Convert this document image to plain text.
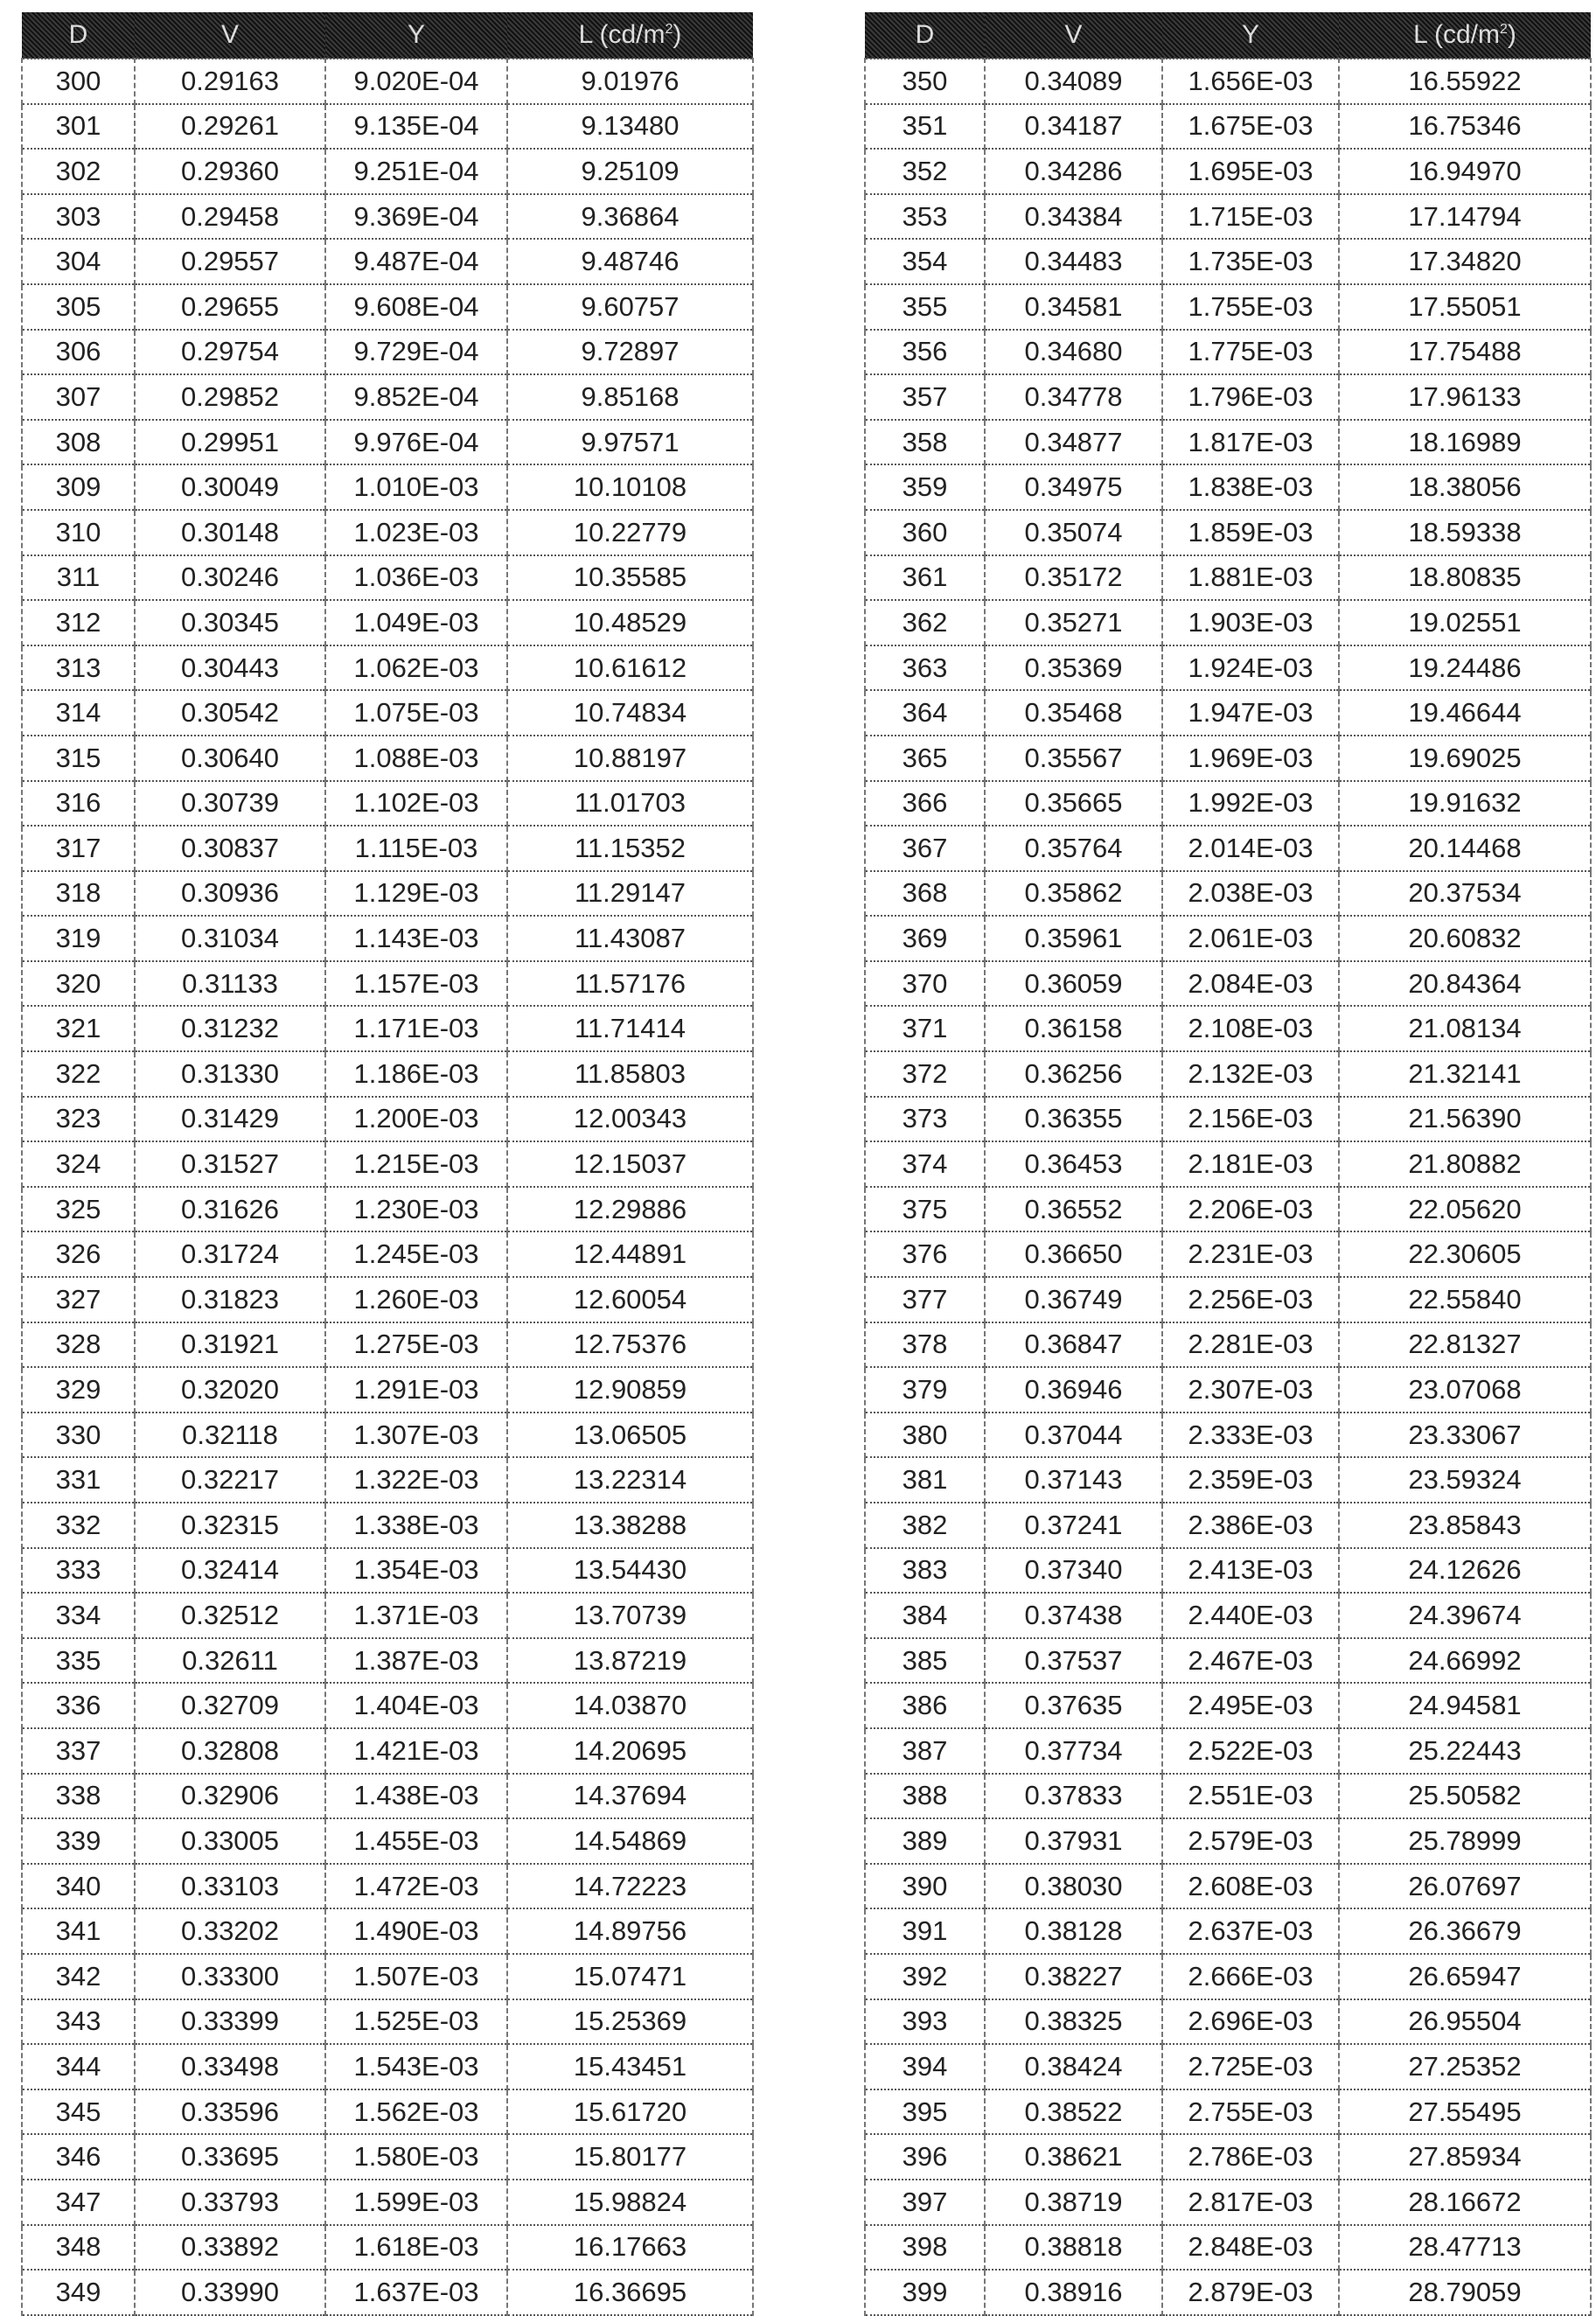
D	V	Y	L (cd/m2)
300	0.29163	9.020E-04	9.01976
301	0.29261	9.135E-04	9.13480
302	0.29360	9.251E-04	9.25109
303	0.29458	9.369E-04	9.36864
304	0.29557	9.487E-04	9.48746
305	0.29655	9.608E-04	9.60757
306	0.29754	9.729E-04	9.72897
307	0.29852	9.852E-04	9.85168
308	0.29951	9.976E-04	9.97571
309	0.30049	1.010E-03	10.10108
310	0.30148	1.023E-03	10.22779
311	0.30246	1.036E-03	10.35585
312	0.30345	1.049E-03	10.48529
313	0.30443	1.062E-03	10.61612
314	0.30542	1.075E-03	10.74834
315	0.30640	1.088E-03	10.88197
316	0.30739	1.102E-03	11.01703
317	0.30837	1.115E-03	11.15352
318	0.30936	1.129E-03	11.29147
319	0.31034	1.143E-03	11.43087
320	0.31133	1.157E-03	11.57176
321	0.31232	1.171E-03	11.71414
322	0.31330	1.186E-03	11.85803
323	0.31429	1.200E-03	12.00343
324	0.31527	1.215E-03	12.15037
325	0.31626	1.230E-03	12.29886
326	0.31724	1.245E-03	12.44891
327	0.31823	1.260E-03	12.60054
328	0.31921	1.275E-03	12.75376
329	0.32020	1.291E-03	12.90859
330	0.32118	1.307E-03	13.06505
331	0.32217	1.322E-03	13.22314
332	0.32315	1.338E-03	13.38288
333	0.32414	1.354E-03	13.54430
334	0.32512	1.371E-03	13.70739
335	0.32611	1.387E-03	13.87219
336	0.32709	1.404E-03	14.03870
337	0.32808	1.421E-03	14.20695
338	0.32906	1.438E-03	14.37694
339	0.33005	1.455E-03	14.54869
340	0.33103	1.472E-03	14.72223
341	0.33202	1.490E-03	14.89756
342	0.33300	1.507E-03	15.07471
343	0.33399	1.525E-03	15.25369
344	0.33498	1.543E-03	15.43451
345	0.33596	1.562E-03	15.61720
346	0.33695	1.580E-03	15.80177
347	0.33793	1.599E-03	15.98824
348	0.33892	1.618E-03	16.17663
349	0.33990	1.637E-03	16.36695
D	V	Y	L (cd/m2)
350	0.34089	1.656E-03	16.55922
351	0.34187	1.675E-03	16.75346
352	0.34286	1.695E-03	16.94970
353	0.34384	1.715E-03	17.14794
354	0.34483	1.735E-03	17.34820
355	0.34581	1.755E-03	17.55051
356	0.34680	1.775E-03	17.75488
357	0.34778	1.796E-03	17.96133
358	0.34877	1.817E-03	18.16989
359	0.34975	1.838E-03	18.38056
360	0.35074	1.859E-03	18.59338
361	0.35172	1.881E-03	18.80835
362	0.35271	1.903E-03	19.02551
363	0.35369	1.924E-03	19.24486
364	0.35468	1.947E-03	19.46644
365	0.35567	1.969E-03	19.69025
366	0.35665	1.992E-03	19.91632
367	0.35764	2.014E-03	20.14468
368	0.35862	2.038E-03	20.37534
369	0.35961	2.061E-03	20.60832
370	0.36059	2.084E-03	20.84364
371	0.36158	2.108E-03	21.08134
372	0.36256	2.132E-03	21.32141
373	0.36355	2.156E-03	21.56390
374	0.36453	2.181E-03	21.80882
375	0.36552	2.206E-03	22.05620
376	0.36650	2.231E-03	22.30605
377	0.36749	2.256E-03	22.55840
378	0.36847	2.281E-03	22.81327
379	0.36946	2.307E-03	23.07068
380	0.37044	2.333E-03	23.33067
381	0.37143	2.359E-03	23.59324
382	0.37241	2.386E-03	23.85843
383	0.37340	2.413E-03	24.12626
384	0.37438	2.440E-03	24.39674
385	0.37537	2.467E-03	24.66992
386	0.37635	2.495E-03	24.94581
387	0.37734	2.522E-03	25.22443
388	0.37833	2.551E-03	25.50582
389	0.37931	2.579E-03	25.78999
390	0.38030	2.608E-03	26.07697
391	0.38128	2.637E-03	26.36679
392	0.38227	2.666E-03	26.65947
393	0.38325	2.696E-03	26.95504
394	0.38424	2.725E-03	27.25352
395	0.38522	2.755E-03	27.55495
396	0.38621	2.786E-03	27.85934
397	0.38719	2.817E-03	28.16672
398	0.38818	2.848E-03	28.47713
399	0.38916	2.879E-03	28.79059
